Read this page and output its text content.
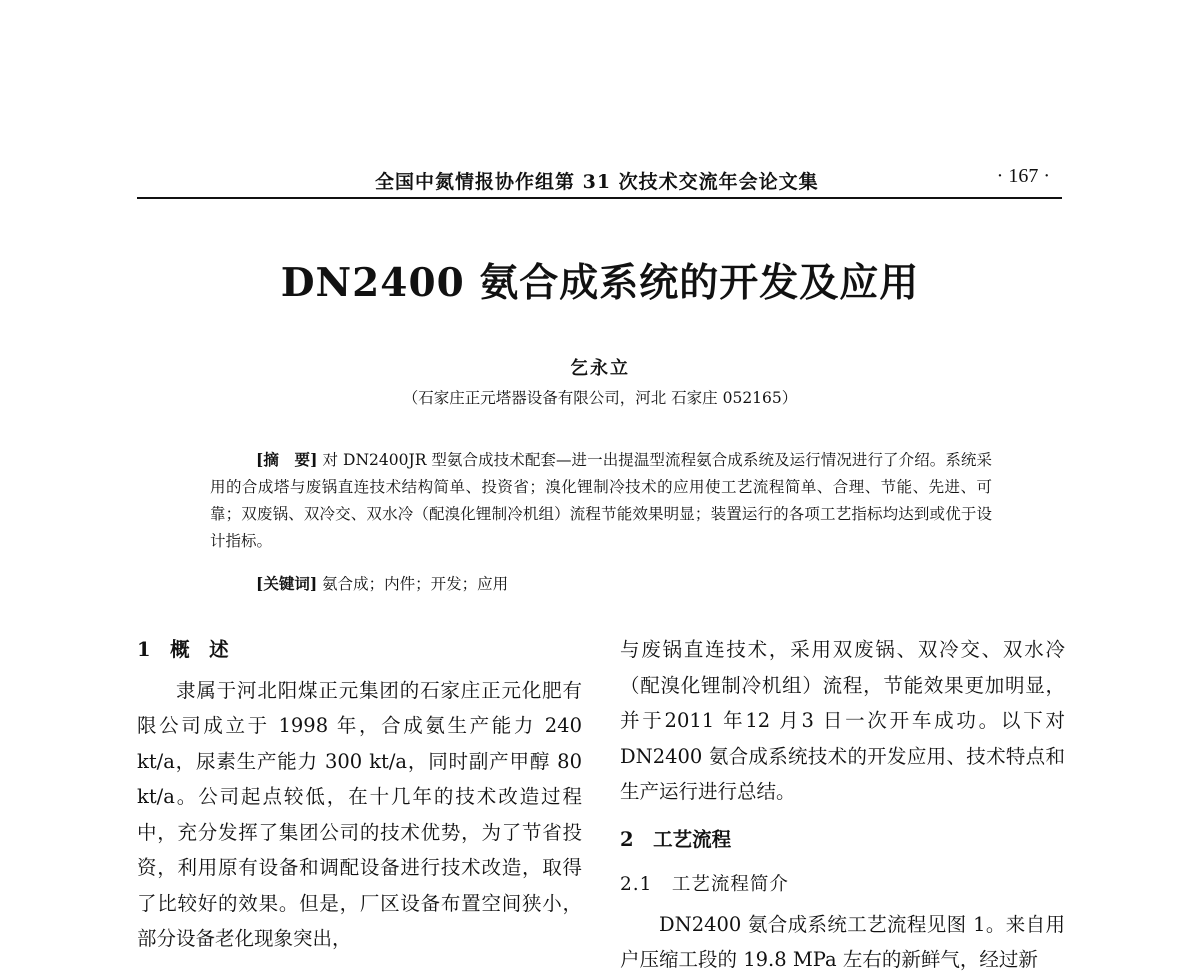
全国中氮情报协作组第 31 次技术交流年会论文集	· 167 ·
DN2400 氨合成系统的开发及应用
乞永立
（石家庄正元塔器设备有限公司，河北 石家庄 052165）

[摘　要] 对 DN2400JR 型氨合成技术配套—进一出提温型流程氨合成系统及运行情况进行了介绍。系统采用的合成塔与废锅直连技术结构简单、投资省；溴化锂制冷技术的应用使工艺流程简单、合理、节能、先进、可靠；双废锅、双冷交、双水冷（配溴化锂制冷机组）流程节能效果明显；装置运行的各项工艺指标均达到或优于设计指标。

[关键词] 氨合成；内件；开发；应用
1　概　述

隶属于河北阳煤正元集团的石家庄正元化肥有限公司成立于 1998 年，合成氨生产能力 240 kt/a，尿素生产能力 300 kt/a，同时副产甲醇 80 kt/a。公司起点较低，在十几年的技术改造过程中，充分发挥了集团公司的技术优势，为了节省投资，利用原有设备和调配设备进行技术改造，取得了比较好的效果。但是，厂区设备布置空间狭小，部分设备老化现象突出，

与废锅直连技术，采用双废锅、双冷交、双水冷（配溴化锂制冷机组）流程，节能效果更加明显，并于2011 年12 月3 日一次开车成功。以下对 DN2400 氨合成系统技术的开发应用、技术特点和生产运行进行总结。

2　工艺流程
2.1　工艺流程简介

DN2400 氨合成系统工艺流程见图 1。来自用户压缩工段的 19.8 MPa 左右的新鲜气，经过新
